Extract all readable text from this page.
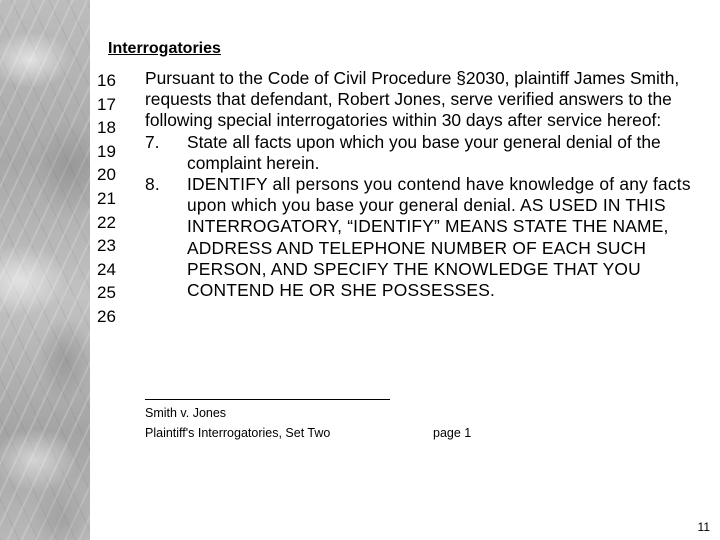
Interrogatories
16
17
18
19
20
21
22
23
24
25
26

Pursuant to the Code of Civil Procedure §2030, plaintiff James Smith, requests that defendant, Robert Jones, serve verified answers to the following special interrogatories within 30 days after service hereof:

7.	State all facts upon which you base your general denial of the complaint herein.
8.	IDENTIFY all persons you contend have knowledge of any facts upon which you base your general denial. AS USED IN THIS INTERROGATORY, “IDENTIFY” MEANS STATE THE NAME, ADDRESS AND TELEPHONE NUMBER OF EACH SUCH PERSON, AND SPECIFY THE KNOWLEDGE THAT YOU CONTEND HE OR SHE POSSESSES.
Smith v. Jones
Plaintiff's Interrogatories, Set Two	page 1
11
